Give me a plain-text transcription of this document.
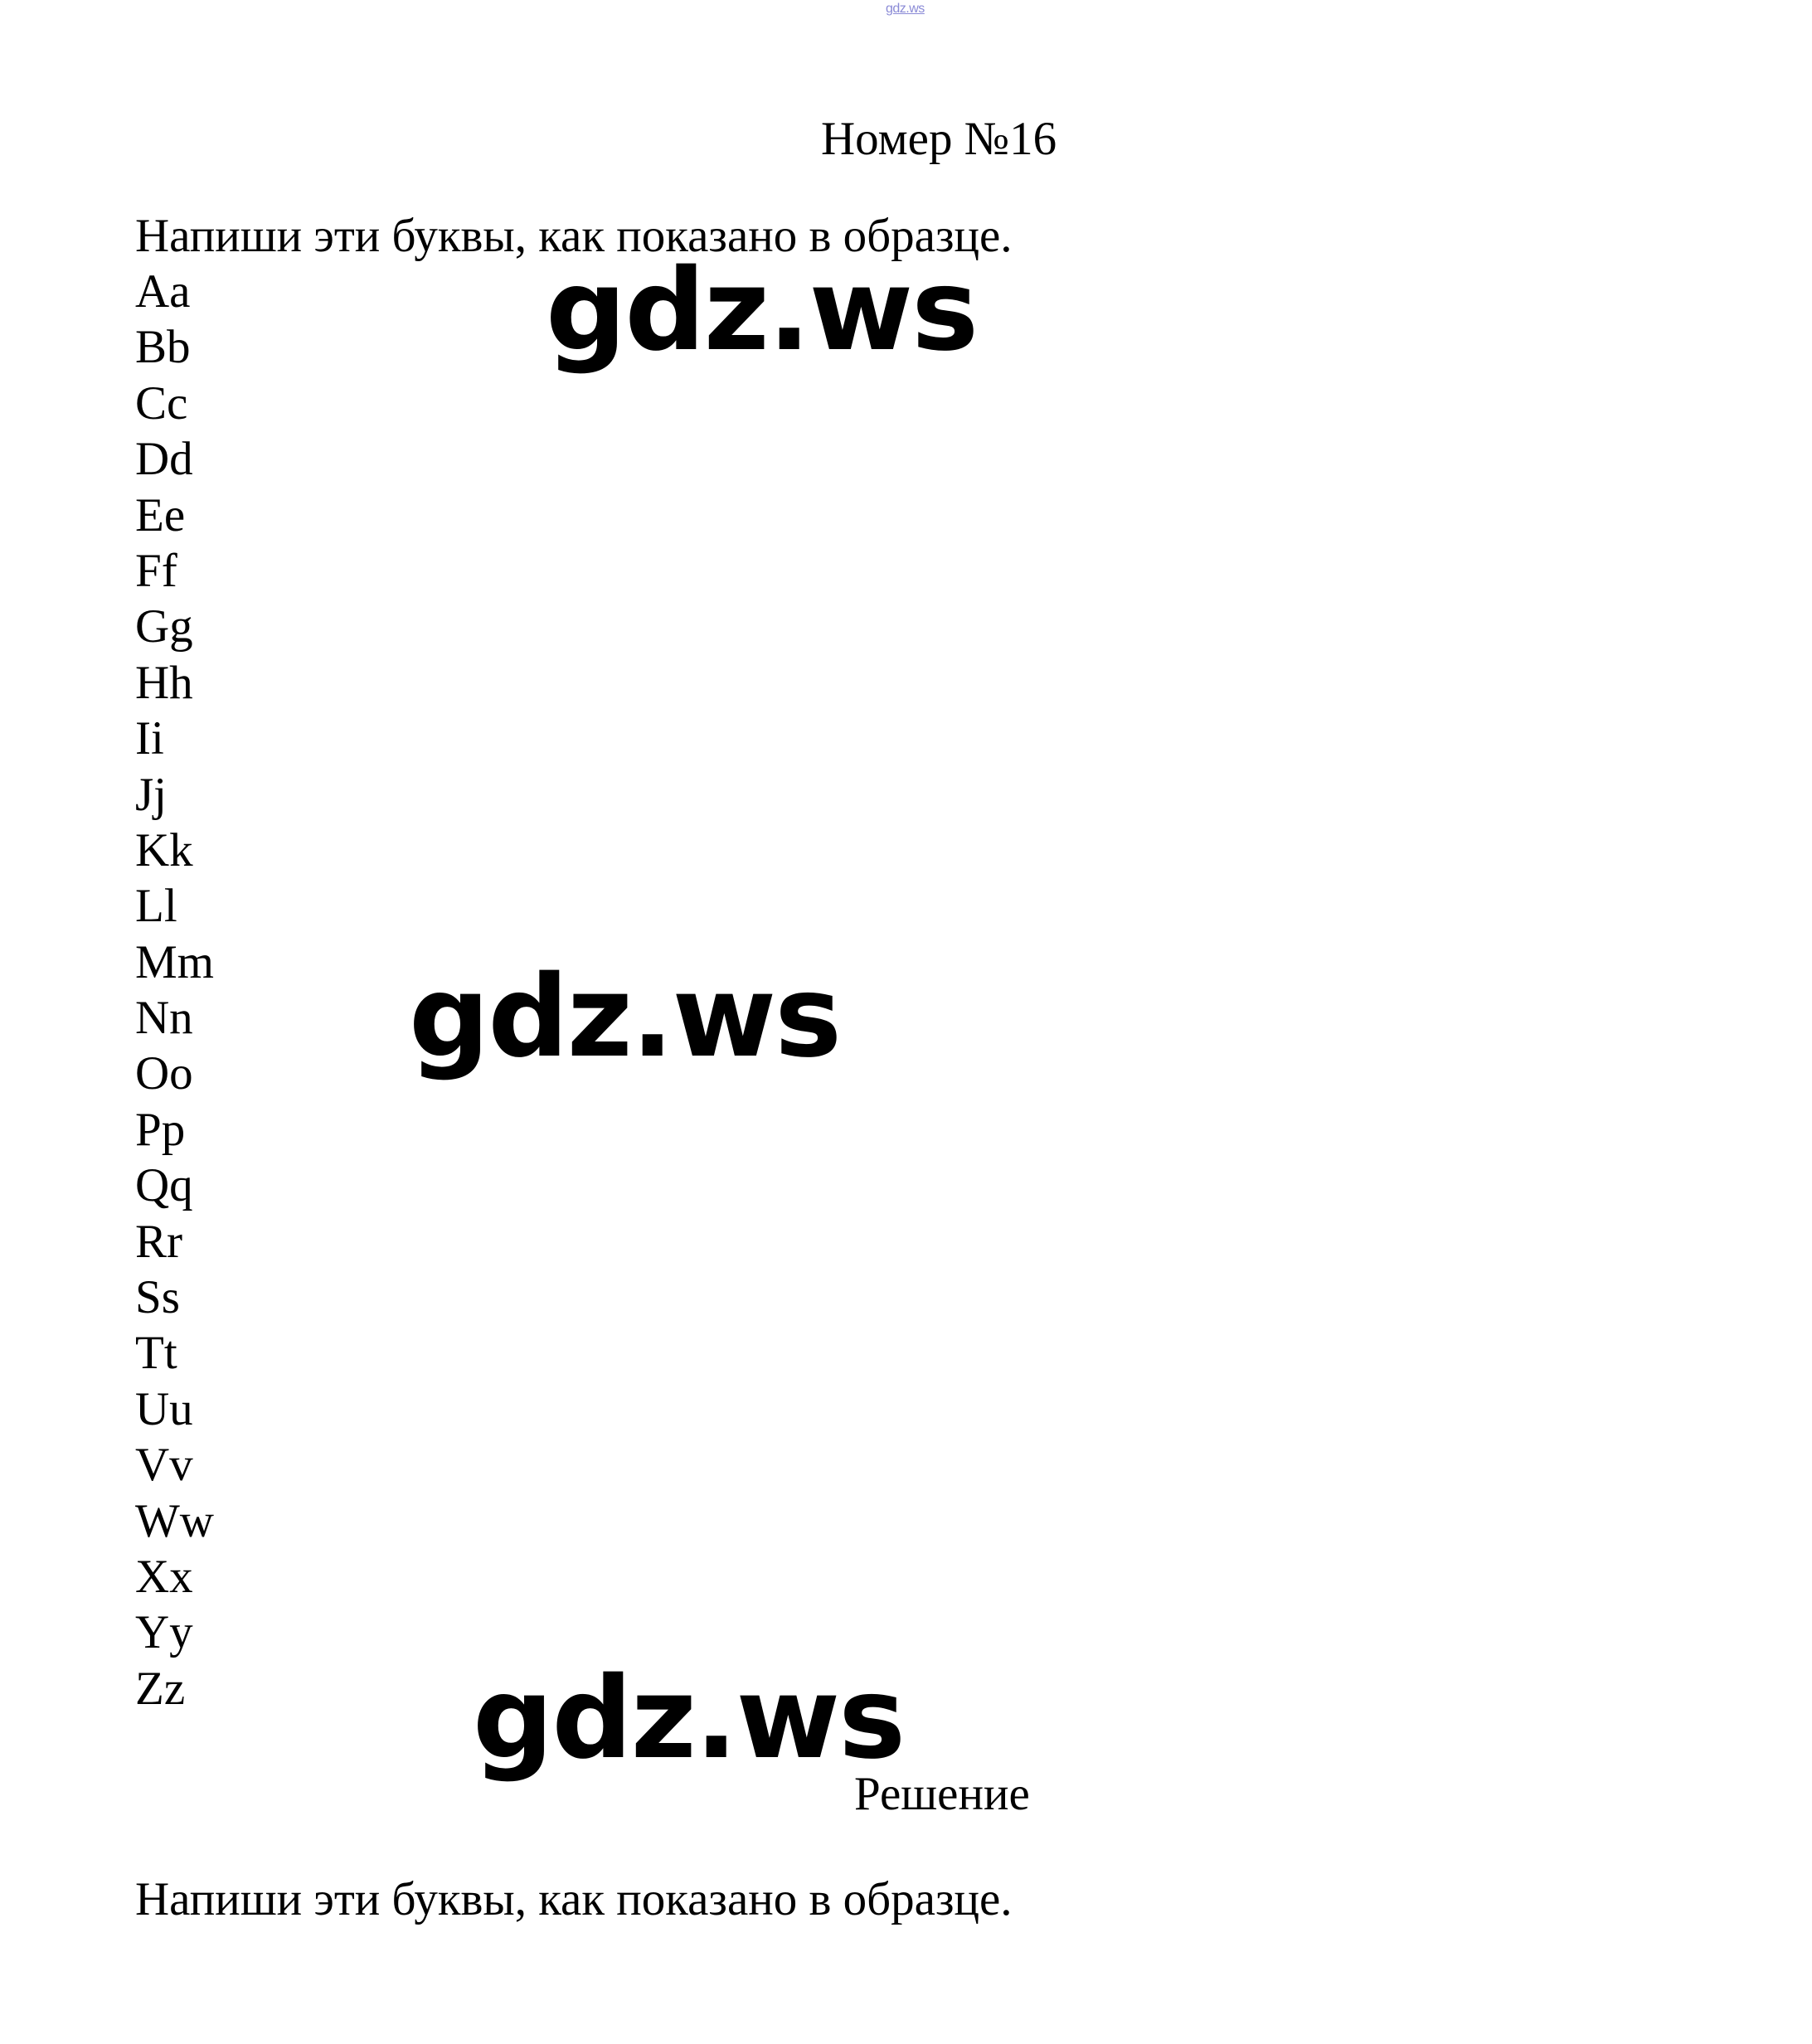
gdz.ws
Номер №16
Напиши эти буквы, как показано в образце.
Aa
Bb
Cc
Dd
Ee
Ff
Gg
Hh
Ii
Jj
Kk
Ll
Mm
Nn
Oo
Pp
Qq
Rr
Ss
Tt
Uu
Vv
Ww
Xx
Yy
Zz
gdz.ws
gdz.ws
gdz.ws
Решение
Напиши эти буквы, как показано в образце.
